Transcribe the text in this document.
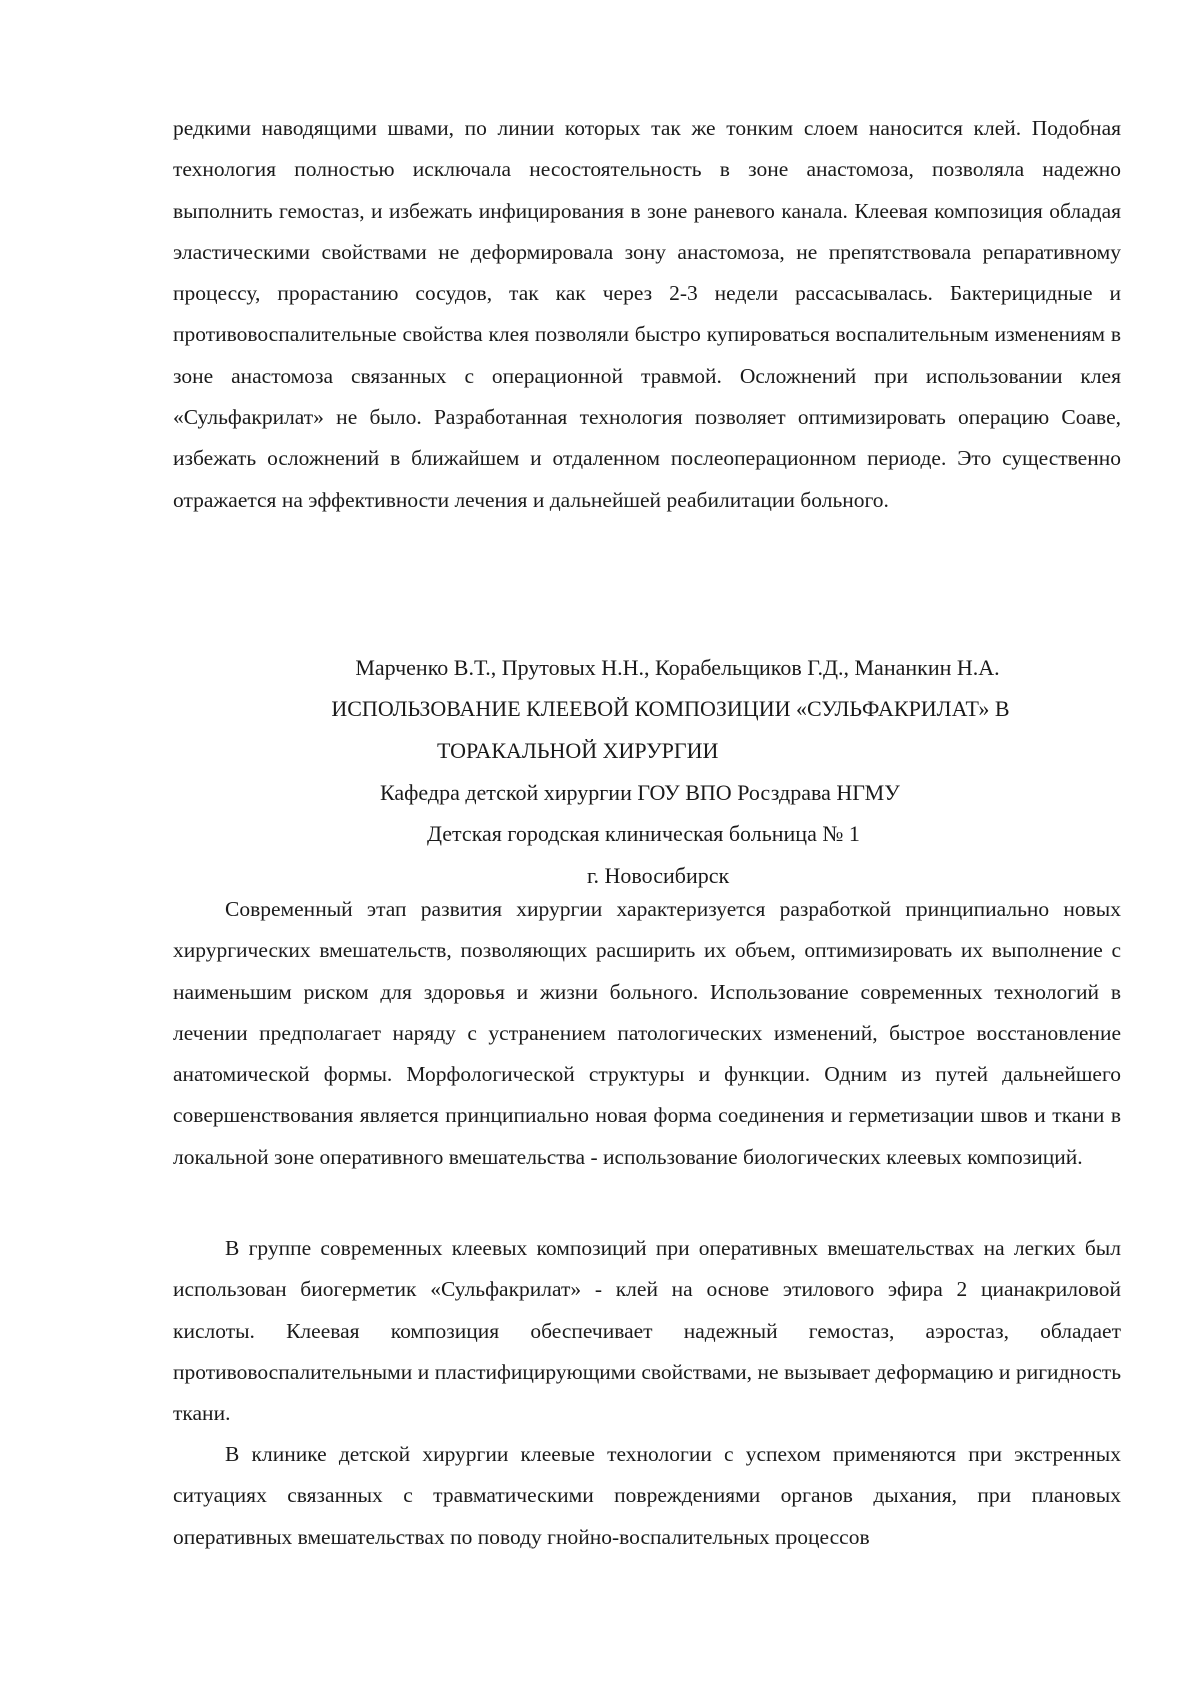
редкими наводящими швами, по линии которых так же тонким слоем наносится клей. Подобная технология полностью исключала несостоятельность в зоне анастомоза, позволяла надежно выполнить гемостаз, и избежать инфицирования в зоне раневого канала. Клеевая композиция обладая эластическими свойствами не деформировала зону анастомоза, не препятствовала репаративному процессу, прорастанию сосудов, так как через 2-3 недели рассасывалась. Бактерицидные и противовоспалительные свойства клея позволяли быстро купироваться воспалительным изменениям в зоне анастомоза связанных с операционной травмой. Осложнений при использовании клея «Сульфакрилат» не было. Разработанная технология позволяет оптимизировать операцию Соаве, избежать осложнений в ближайшем и отдаленном послеоперационном периоде. Это существенно отражается на эффективности лечения и дальнейшей реабилитации больного.

Марченко В.Т., Прутовых Н.Н., Корабельщиков Г.Д., Мананкин Н.А.

ИСПОЛЬЗОВАНИЕ КЛЕЕВОЙ КОМПОЗИЦИИ «СУЛЬФАКРИЛАТ» В

ТОРАКАЛЬНОЙ ХИРУРГИИ

Кафедра детской хирургии ГОУ ВПО Росздрава НГМУ

Детская городская клиническая больница № 1

г. Новосибирск

Современный этап развития хирургии характеризуется разработкой принципиально новых хирургических вмешательств, позволяющих расширить их объем, оптимизировать их выполнение с наименьшим риском для здоровья и жизни больного. Использование современных технологий в лечении предполагает наряду с устранением патологических изменений, быстрое восстановление анатомической формы. Морфологической структуры и функции. Одним из путей дальнейшего совершенствования является принципиально новая форма соединения и герметизации швов и ткани в локальной зоне оперативного вмешательства - использование биологических клеевых композиций.

В группе современных клеевых композиций при оперативных вмешательствах на легких был использован биогерметик «Сульфакрилат» - клей на основе этилового эфира 2 цианакриловой кислоты. Клеевая композиция обеспечивает надежный гемостаз, аэростаз, обладает противовоспалительными и пластифицирующими свойствами, не вызывает деформацию и ригидность ткани.

В клинике детской хирургии клеевые технологии с успехом применяются при экстренных ситуациях связанных с травматическими повреждениями органов дыхания, при плановых оперативных вмешательствах по поводу гнойно-воспалительных процессов
